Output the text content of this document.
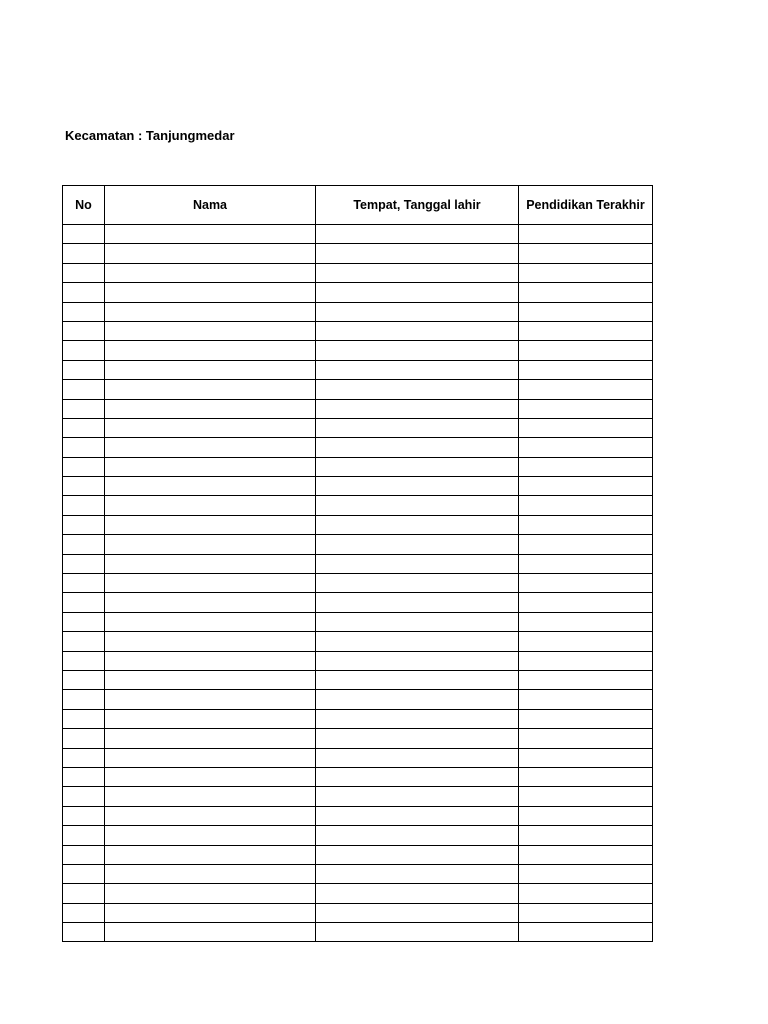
Kecamatan : Tanjungmedar
No	Nama	Tempat, Tanggal lahir	Pendidikan Terakhir
